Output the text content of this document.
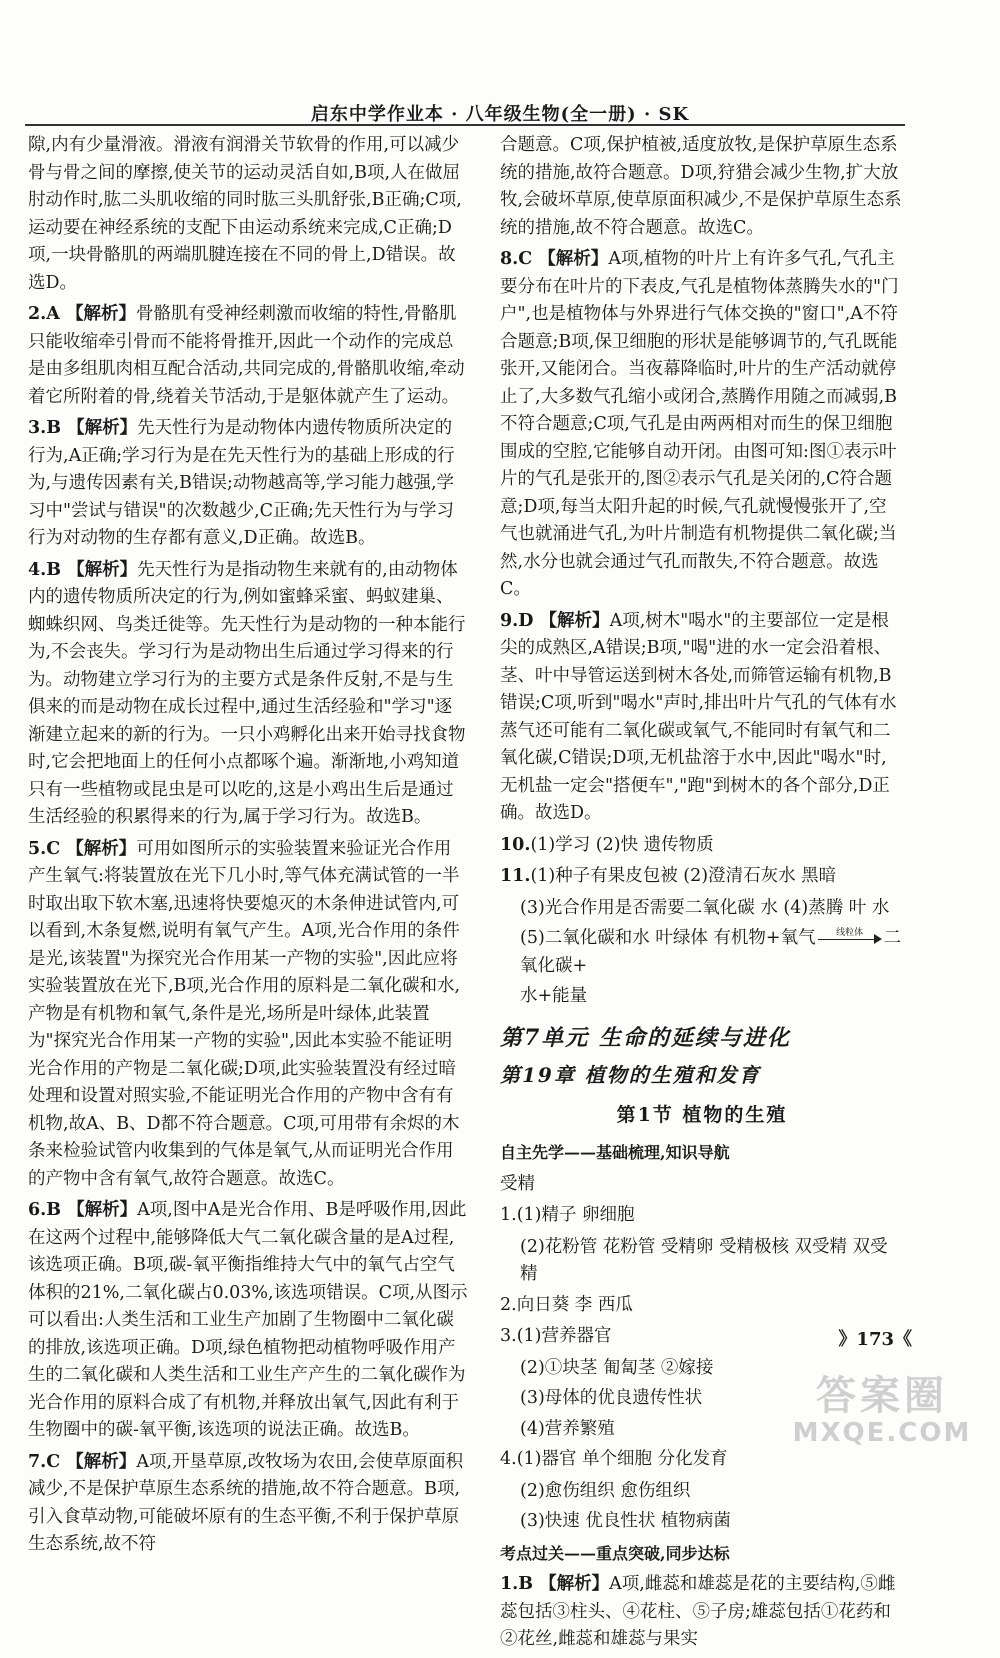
启东中学作业本 · 八年级生物(全一册) · SK

隙,内有少量滑液。滑液有润滑关节软骨的作用,可以减少骨与骨之间的摩擦,使关节的运动灵活自如,B项,人在做屈肘动作时,肱二头肌收缩的同时肱三头肌舒张,B正确;C项,运动要在神经系统的支配下由运动系统来完成,C正确;D项,一块骨骼肌的两端肌腱连接在不同的骨上,D错误。故选D。

2.A 【解析】骨骼肌有受神经刺激而收缩的特性,骨骼肌只能收缩牵引骨而不能将骨推开,因此一个动作的完成总是由多组肌肉相互配合活动,共同完成的,骨骼肌收缩,牵动着它所附着的骨,绕着关节活动,于是躯体就产生了运动。

3.B 【解析】先天性行为是动物体内遗传物质所决定的行为,A正确;学习行为是在先天性行为的基础上形成的行为,与遗传因素有关,B错误;动物越高等,学习能力越强,学习中"尝试与错误"的次数越少,C正确;先天性行为与学习行为对动物的生存都有意义,D正确。故选B。

4.B 【解析】先天性行为是指动物生来就有的,由动物体内的遗传物质所决定的行为,例如蜜蜂采蜜、蚂蚁建巢、蜘蛛织网、鸟类迁徙等。先天性行为是动物的一种本能行为,不会丧失。学习行为是动物出生后通过学习得来的行为。动物建立学习行为的主要方式是条件反射,不是与生俱来的而是动物在成长过程中,通过生活经验和"学习"逐渐建立起来的新的行为。一只小鸡孵化出来开始寻找食物时,它会把地面上的任何小点都啄个遍。渐渐地,小鸡知道只有一些植物或昆虫是可以吃的,这是小鸡出生后是通过生活经验的积累得来的行为,属于学习行为。故选B。

5.C 【解析】可用如图所示的实验装置来验证光合作用产生氧气:将装置放在光下几小时,等气体充满试管的一半时取出取下软木塞,迅速将快要熄灭的木条伸进试管内,可以看到,木条复燃,说明有氧气产生。A项,光合作用的条件是光,该装置"为探究光合作用某一产物的实验",因此应将实验装置放在光下,B项,光合作用的原料是二氧化碳和水,产物是有机物和氧气,条件是光,场所是叶绿体,此装置为"探究光合作用某一产物的实验",因此本实验不能证明光合作用的产物是二氧化碳;D项,此实验装置没有经过暗处理和设置对照实验,不能证明光合作用的产物中含有有机物,故A、B、D都不符合题意。C项,可用带有余烬的木条来检验试管内收集到的气体是氧气,从而证明光合作用的产物中含有氧气,故符合题意。故选C。

6.B 【解析】A项,图中A是光合作用、B是呼吸作用,因此在这两个过程中,能够降低大气二氧化碳含量的是A过程,该选项正确。B项,碳-氧平衡指维持大气中的氧气占空气体积的21%,二氧化碳占0.03%,该选项错误。C项,从图示可以看出:人类生活和工业生产加剧了生物圈中二氧化碳的排放,该选项正确。D项,绿色植物把动植物呼吸作用产生的二氧化碳和人类生活和工业生产产生的二氧化碳作为光合作用的原料合成了有机物,并释放出氧气,因此有利于生物圈中的碳-氧平衡,该选项的说法正确。故选B。

7.C 【解析】A项,开垦草原,改牧场为农田,会使草原面积减少,不是保护草原生态系统的措施,故不符合题意。B项,引入食草动物,可能破坏原有的生态平衡,不利于保护草原生态系统,故不符

合题意。C项,保护植被,适度放牧,是保护草原生态系统的措施,故符合题意。D项,狩猎会减少生物,扩大放牧,会破坏草原,使草原面积减少,不是保护草原生态系统的措施,故不符合题意。故选C。

8.C 【解析】A项,植物的叶片上有许多气孔,气孔主要分布在叶片的下表皮,气孔是植物体蒸腾失水的"门户",也是植物体与外界进行气体交换的"窗口",A不符合题意;B项,保卫细胞的形状是能够调节的,气孔既能张开,又能闭合。当夜幕降临时,叶片的生产活动就停止了,大多数气孔缩小或闭合,蒸腾作用随之而减弱,B不符合题意;C项,气孔是由两两相对而生的保卫细胞围成的空腔,它能够自动开闭。由图可知:图①表示叶片的气孔是张开的,图②表示气孔是关闭的,C符合题意;D项,每当太阳升起的时候,气孔就慢慢张开了,空气也就涌进气孔,为叶片制造有机物提供二氧化碳;当然,水分也就会通过气孔而散失,不符合题意。故选C。

9.D 【解析】A项,树木"喝水"的主要部位一定是根尖的成熟区,A错误;B项,"喝"进的水一定会沿着根、茎、叶中导管运送到树木各处,而筛管运输有机物,B错误;C项,听到"喝水"声时,排出叶片气孔的气体有水蒸气还可能有二氧化碳或氧气,不能同时有氧气和二氧化碳,C错误;D项,无机盐溶于水中,因此"喝水"时,无机盐一定会"搭便车","跑"到树木的各个部分,D正确。故选D。

10.(1)学习 (2)快 遗传物质

11.(1)种子有果皮包被 (2)澄清石灰水 黑暗

(3)光合作用是否需要二氧化碳 水 (4)蒸腾 叶 水

(5)二氧化碳和水 叶绿体 有机物+氧气	线粒体	二氧化碳+

水+能量

第7单元 生命的延续与进化
第19章 植物的生殖和发育
第1节 植物的生殖
自主先学——基础梳理,知识导航
受精
1.(1)精子 卵细胞
(2)花粉管 花粉管 受精卵 受精极核 双受精 双受精
2.向日葵 李 西瓜
3.(1)营养器官
(2)①块茎 匍匐茎 ②嫁接
(3)母体的优良遗传性状
(4)营养繁殖
4.(1)器官 单个细胞 分化发育
(2)愈伤组织 愈伤组织
(3)快速 优良性状 植物病菌
考点过关——重点突破,同步达标

1.B 【解析】A项,雌蕊和雄蕊是花的主要结构,⑤雌蕊包括③柱头、④花柱、⑤子房;雄蕊包括①花药和②花丝,雌蕊和雄蕊与果实

》173《
答案圈
MXQE.COM
